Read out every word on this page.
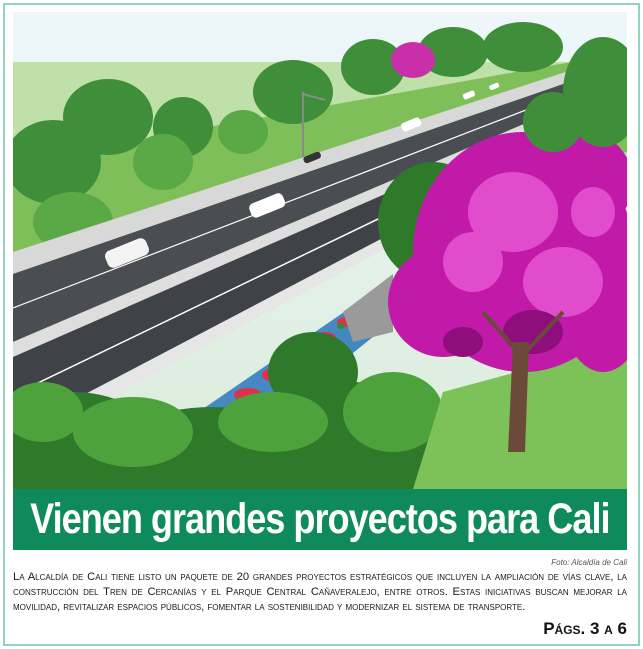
Vienen grandes proyectos para Cali
Foto: Alcaldía de Cali

La Alcaldía de Cali tiene listo un paquete de 20 grandes proyectos estratégicos que incluyen la ampliación de vías clave, la construcción del Tren de Cercanías y el Parque Central Cañaveralejo, entre otros. Estas iniciativas buscan mejorar la movilidad, revitalizar espacios públicos, fomentar la sostenibilidad y modernizar el sistema de transporte.

Págs. 3 a 6
